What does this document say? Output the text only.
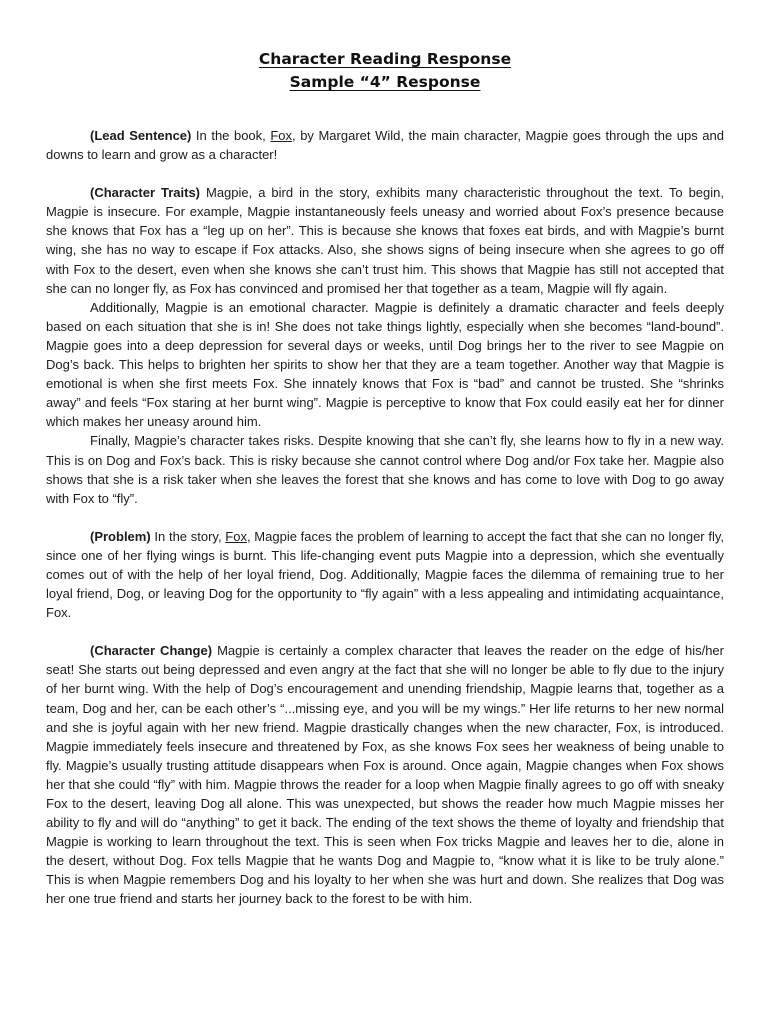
Character Reading Response
Sample “4” Response

(Lead Sentence) In the book, Fox, by Margaret Wild, the main character, Magpie goes through the ups and downs to learn and grow as a character!

(Character Traits) Magpie, a bird in the story, exhibits many characteristic throughout the text. To begin, Magpie is insecure. For example, Magpie instantaneously feels uneasy and worried about Fox’s presence because she knows that Fox has a “leg up on her”. This is because she knows that foxes eat birds, and with Magpie’s burnt wing, she has no way to escape if Fox attacks. Also, she shows signs of being insecure when she agrees to go off with Fox to the desert, even when she knows she can’t trust him. This shows that Magpie has still not accepted that she can no longer fly, as Fox has convinced and promised her that together as a team, Magpie will fly again.

Additionally, Magpie is an emotional character. Magpie is definitely a dramatic character and feels deeply based on each situation that she is in! She does not take things lightly, especially when she becomes “land-bound”. Magpie goes into a deep depression for several days or weeks, until Dog brings her to the river to see Magpie on Dog’s back. This helps to brighten her spirits to show her that they are a team together. Another way that Magpie is emotional is when she first meets Fox. She innately knows that Fox is “bad” and cannot be trusted. She “shrinks away” and feels “Fox staring at her burnt wing”. Magpie is perceptive to know that Fox could easily eat her for dinner which makes her uneasy around him.

Finally, Magpie’s character takes risks. Despite knowing that she can’t fly, she learns how to fly in a new way. This is on Dog and Fox’s back. This is risky because she cannot control where Dog and/or Fox take her. Magpie also shows that she is a risk taker when she leaves the forest that she knows and has come to love with Dog to go away with Fox to “fly”.

(Problem) In the story, Fox, Magpie faces the problem of learning to accept the fact that she can no longer fly, since one of her flying wings is burnt. This life-changing event puts Magpie into a depression, which she eventually comes out of with the help of her loyal friend, Dog. Additionally, Magpie faces the dilemma of remaining true to her loyal friend, Dog, or leaving Dog for the opportunity to “fly again” with a less appealing and intimidating acquaintance, Fox.

(Character Change) Magpie is certainly a complex character that leaves the reader on the edge of his/her seat! She starts out being depressed and even angry at the fact that she will no longer be able to fly due to the injury of her burnt wing. With the help of Dog’s encouragement and unending friendship, Magpie learns that, together as a team, Dog and her, can be each other’s “...missing eye, and you will be my wings.” Her life returns to her new normal and she is joyful again with her new friend. Magpie drastically changes when the new character, Fox, is introduced. Magpie immediately feels insecure and threatened by Fox, as she knows Fox sees her weakness of being unable to fly. Magpie’s usually trusting attitude disappears when Fox is around. Once again, Magpie changes when Fox shows her that she could “fly” with him. Magpie throws the reader for a loop when Magpie finally agrees to go off with sneaky Fox to the desert, leaving Dog all alone. This was unexpected, but shows the reader how much Magpie misses her ability to fly and will do “anything” to get it back. The ending of the text shows the theme of loyalty and friendship that Magpie is working to learn throughout the text. This is seen when Fox tricks Magpie and leaves her to die, alone in the desert, without Dog. Fox tells Magpie that he wants Dog and Magpie to, “know what it is like to be truly alone.” This is when Magpie remembers Dog and his loyalty to her when she was hurt and down. She realizes that Dog was her one true friend and starts her journey back to the forest to be with him.
